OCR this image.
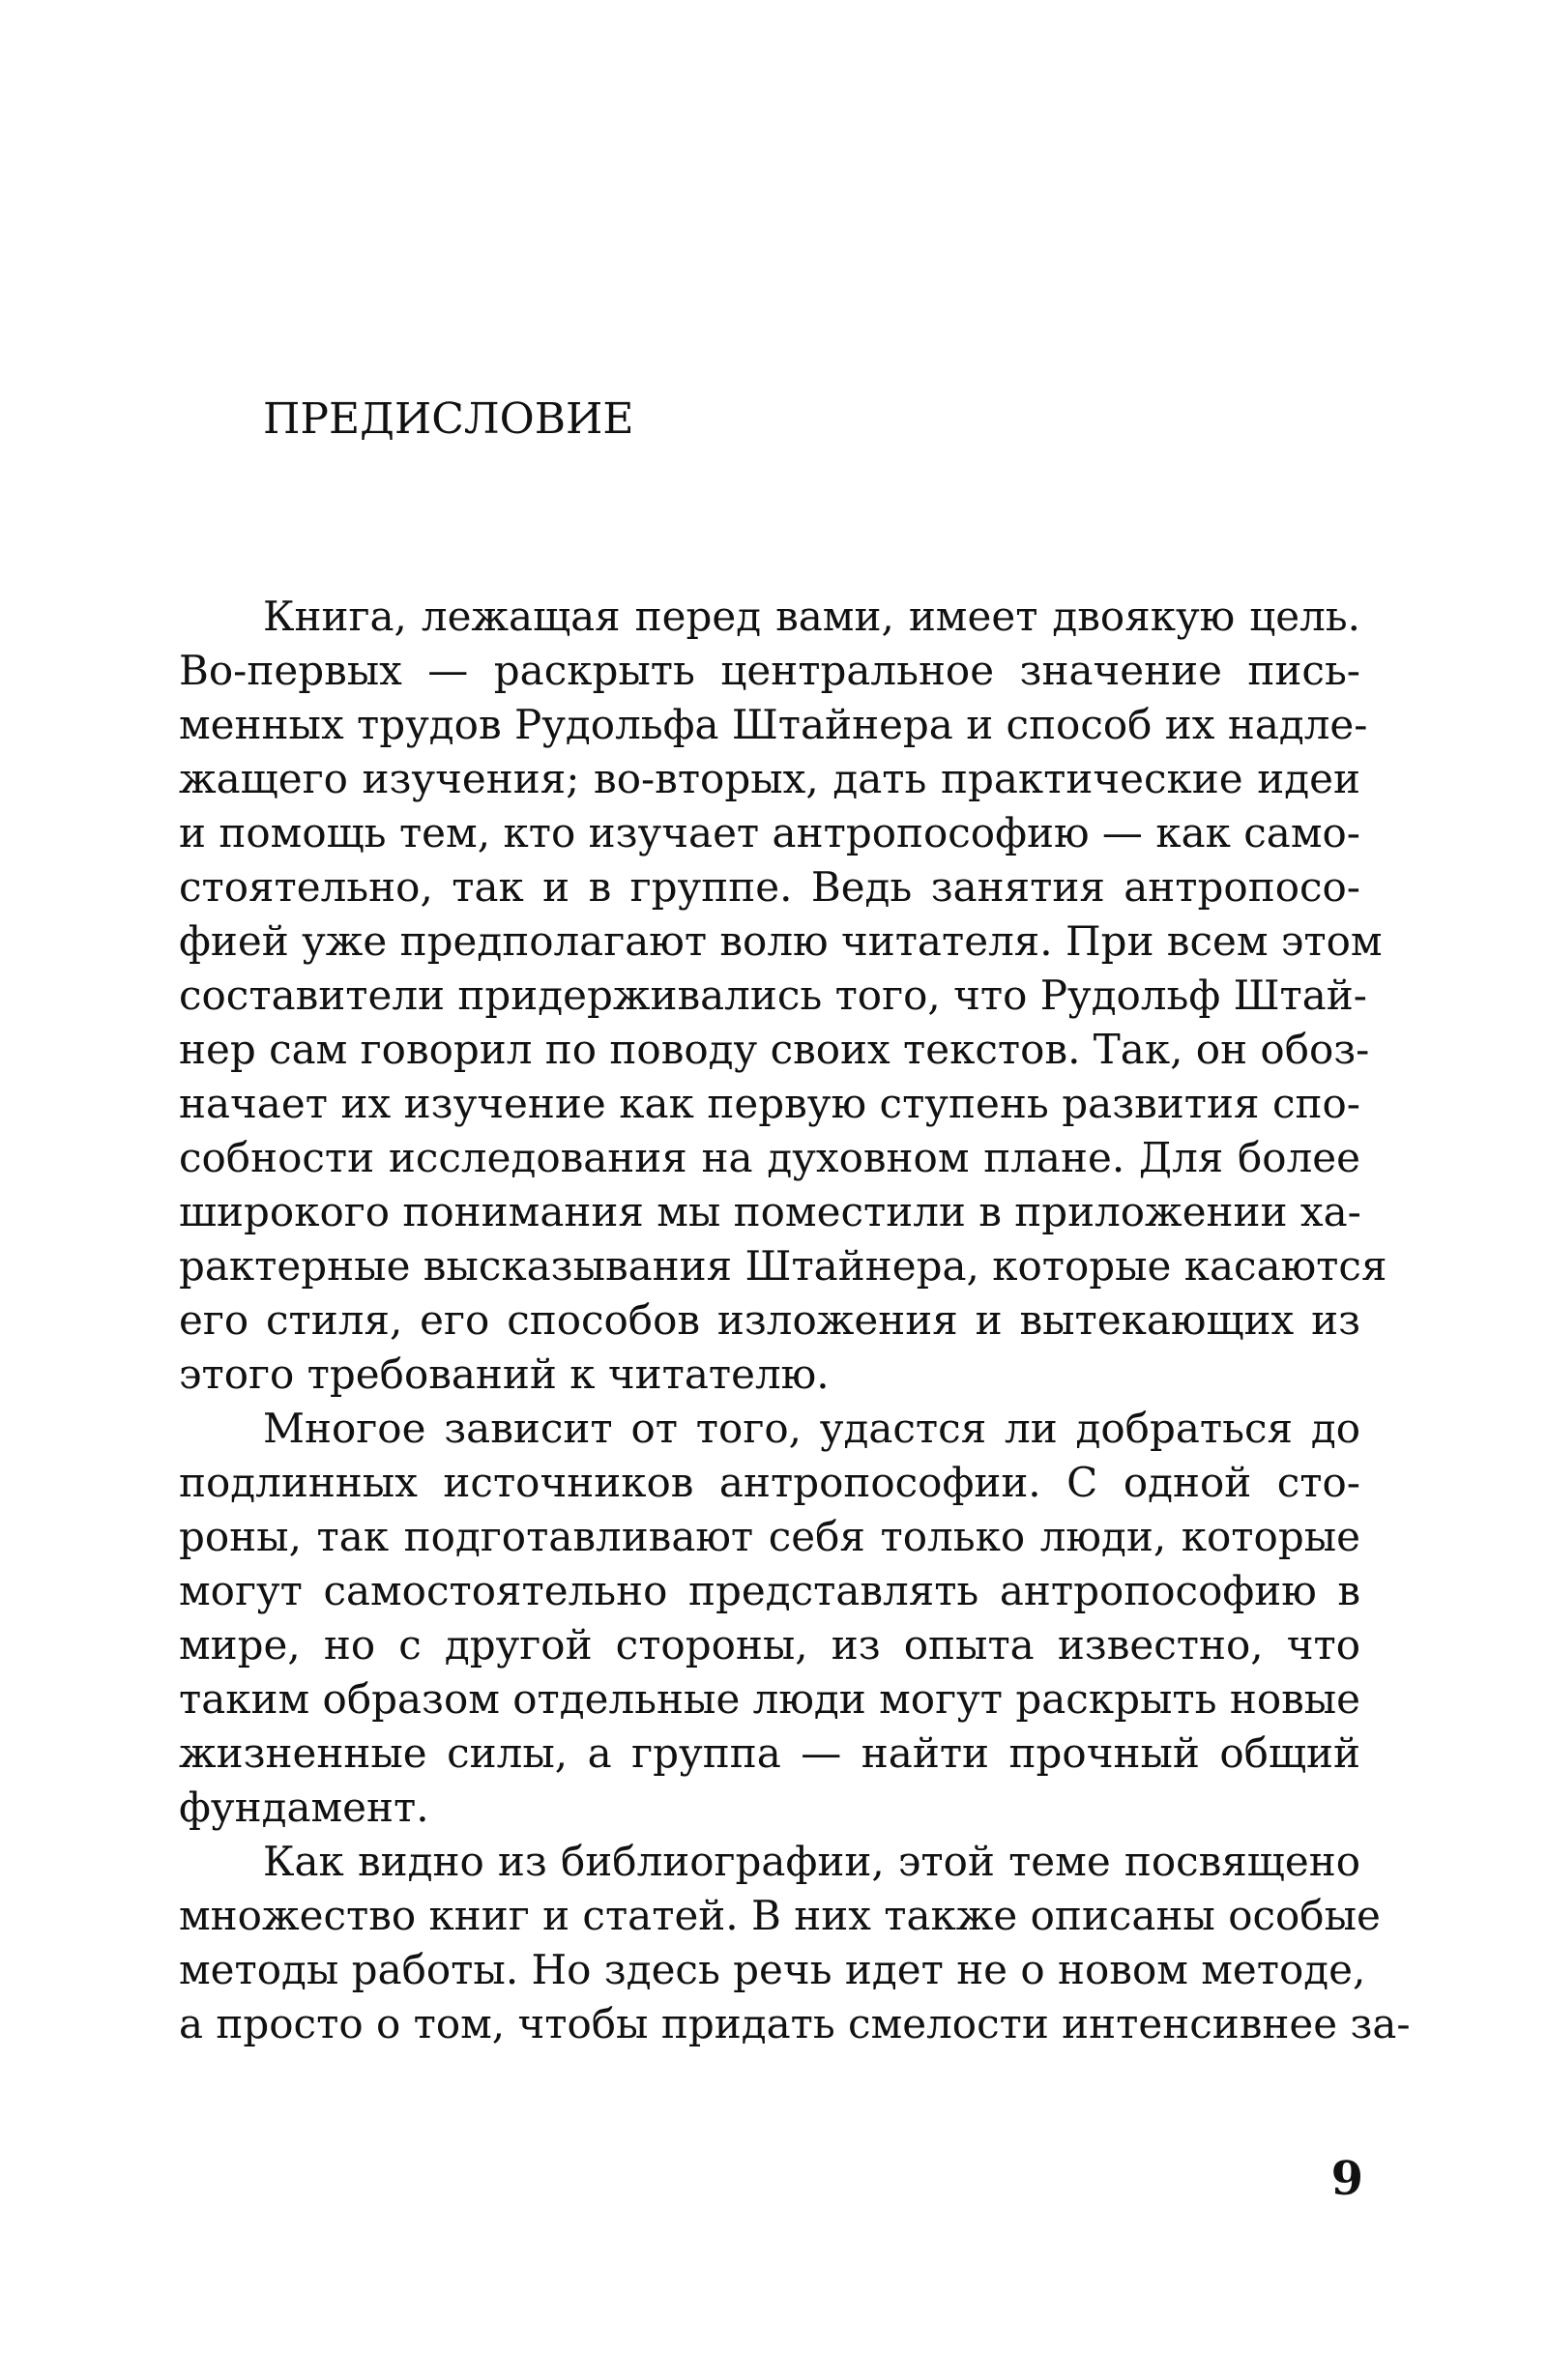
ПРЕДИСЛОВИЕ
Книга, лежащая перед вами, имеет двоякую цель.
Во-первых — раскрыть центральное значение пись-
менных трудов Рудольфа Штайнера и способ их надле-
жащего изучения; во-вторых, дать практические идеи
и помощь тем, кто изучает антропософию — как само-
стоятельно, так и в группе. Ведь занятия антропосо-
фией уже предполагают волю читателя. При всем этом
составители придерживались того, что Рудольф Штай-
нер сам говорил по поводу своих текстов. Так, он обоз-
начает их изучение как первую ступень развития спо-
собности исследования на духовном плане. Для более
широкого понимания мы поместили в приложении ха-
рактерные высказывания Штайнера, которые касаются
его стиля, его способов изложения и вытекающих из
этого требований к читателю.
Многое зависит от того, удастся ли добраться до
подлинных источников антропософии. С одной сто-
роны, так подготавливают себя только люди, которые
могут самостоятельно представлять антропософию в
мире, но с другой стороны, из опыта известно, что
таким образом отдельные люди могут раскрыть новые
жизненные силы, а группа — найти прочный общий
фундамент.
Как видно из библиографии, этой теме посвящено
множество книг и статей. В них также описаны особые
методы работы. Но здесь речь идет не о новом методе,
а просто о том, чтобы придать смелости интенсивнее за-
9
